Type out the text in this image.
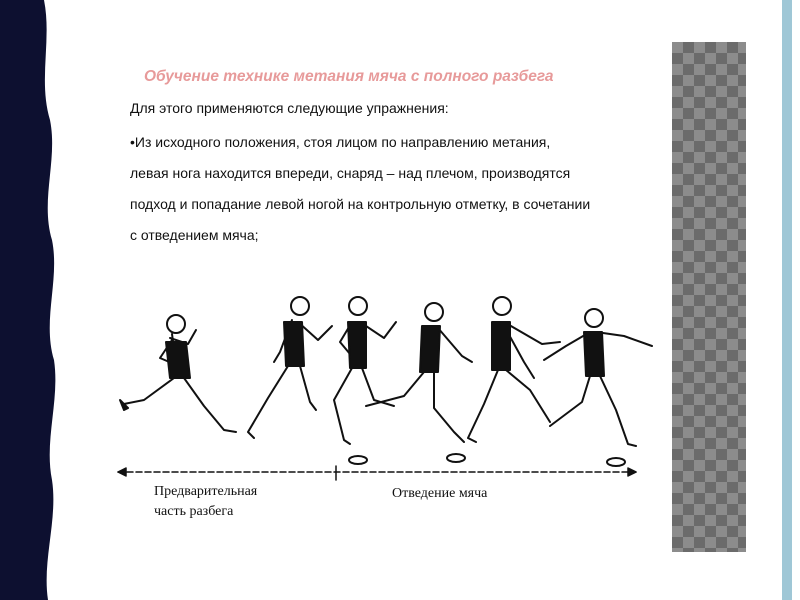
Обучение технике метания мяча с полного разбега
Для этого применяются следующие упражнения:
•Из исходного положения, стоя лицом по направлению метания,
левая нога находится впереди, снаряд – над плечом, производятся
подход и попадание левой ногой на контрольную отметку, в сочетании
с отведением мяча;
Предварительная
часть разбега
Отведение мяча
